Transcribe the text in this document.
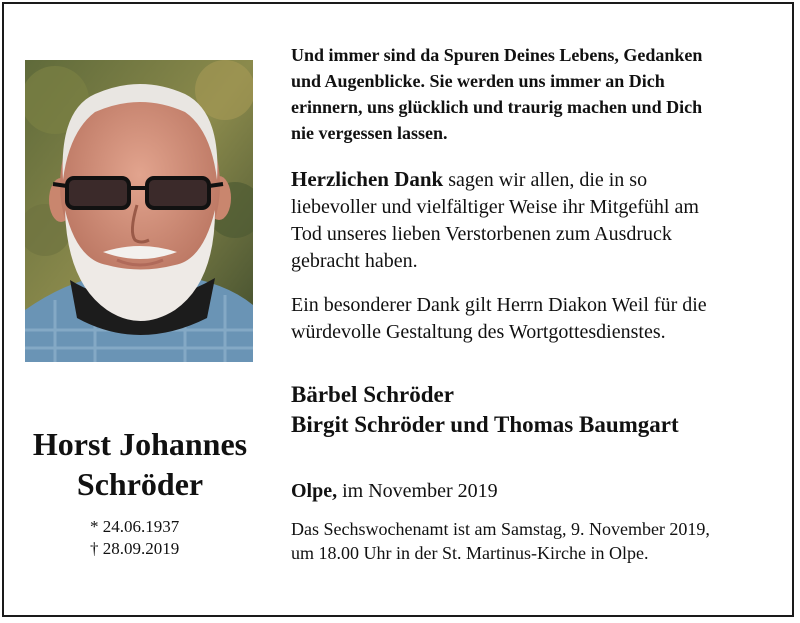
Horst Johannes
Schröder
* 24.06.1937
† 28.09.2019

Und immer sind da Spuren Deines Lebens, Gedanken
und Augenblicke. Sie werden uns immer an Dich
erinnern, uns glücklich und traurig machen und Dich
nie vergessen lassen.

Herzlichen Dank sagen wir allen, die in so
liebevoller und vielfältiger Weise ihr Mitgefühl am
Tod unseres lieben Verstorbenen zum Ausdruck
gebracht haben.

Ein besonderer Dank gilt Herrn Diakon Weil für die
würdevolle Gestaltung des Wortgottesdienstes.

Bärbel Schröder
Birgit Schröder und Thomas Baumgart
Olpe, im November 2019
Das Sechswochenamt ist am Samstag, 9. November 2019,
um 18.00 Uhr in der St. Martinus-Kirche in Olpe.
